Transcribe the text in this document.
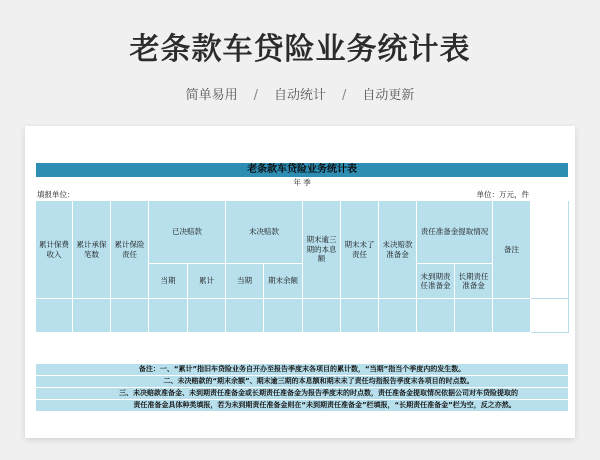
老条款车贷险业务统计表
简单易用 / 自动统计 / 自动更新
老条款车贷险业务统计表													
年 季													
填报单位：											单位：万元，件		
累计保费收入	累计承保笔数	累计保险责任	已决赔款		未决赔款		期末逾三期的本息额	期末未了责任	未决赔款准备金	责任准备金提取情况		备注	
			当期	累计	当期	期末余额				未到期责任准备金	长期责任准备金		

备注：一、“累计”指旧车贷险业务自开办至报告季度末各项目的累计数，“当期”指当个季度内的发生数。													
二、未决赔款的“期末余额”、期末逾三期的本息额和期末未了责任均指报告季度末各项目的时点数。													
三、未决赔款准备金、未到期责任准备金或长期责任准备金为报告季度末的时点数，责任准备金提取情况依据公司对车贷险提取的													
责任准备金具体种类填报，若为未到期责任准备金则在“未到期责任准备金”栏填报，“长期责任准备金”栏为空，反之亦然。													
